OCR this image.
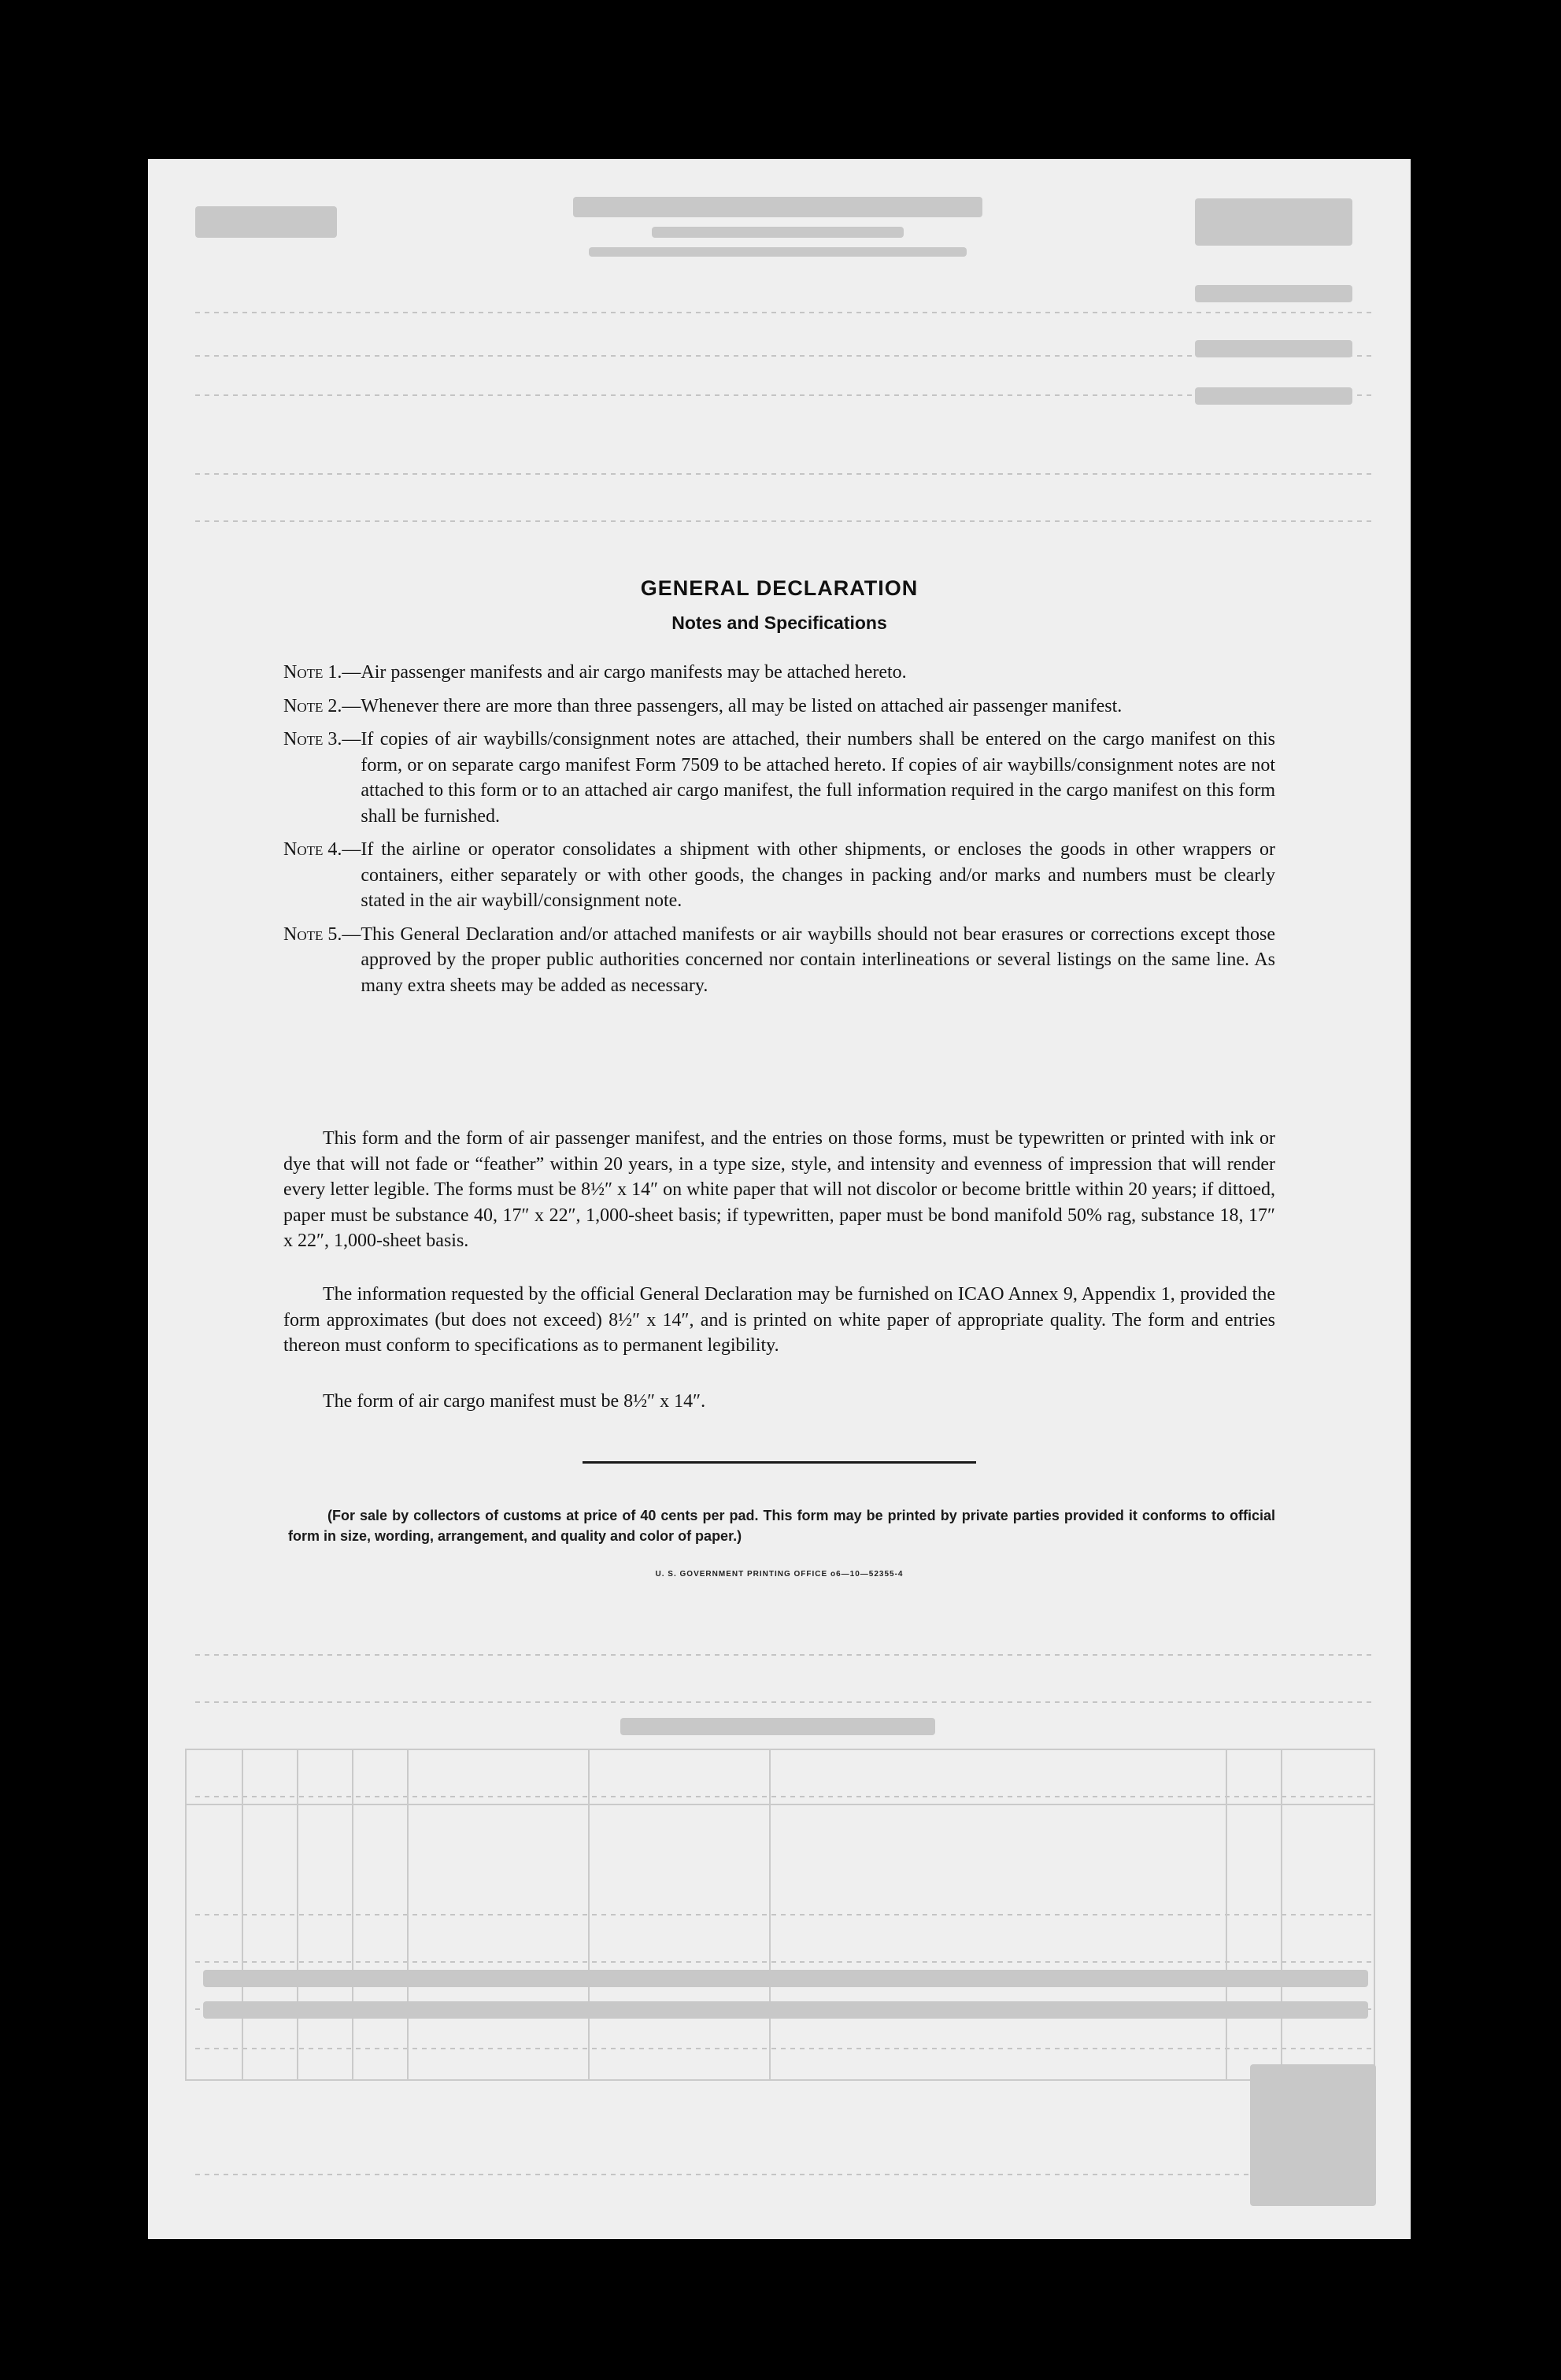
GENERAL DECLARATION
Notes and Specifications
Note 1.— Air passenger manifests and air cargo manifests may be attached hereto.
Note 2.— Whenever there are more than three passengers, all may be listed on attached air passenger manifest.
Note 3.— If copies of air waybills/consignment notes are attached, their numbers shall be entered on the cargo manifest on this form, or on separate cargo manifest Form 7509 to be attached hereto. If copies of air waybills/consignment notes are not attached to this form or to an attached air cargo manifest, the full information required in the cargo manifest on this form shall be furnished.
Note 4.— If the airline or operator consolidates a shipment with other shipments, or encloses the goods in other wrappers or containers, either separately or with other goods, the changes in packing and/or marks and numbers must be clearly stated in the air waybill/consignment note.
Note 5.— This General Declaration and/or attached manifests or air waybills should not bear erasures or corrections except those approved by the proper public authorities concerned nor contain interlineations or several listings on the same line. As many extra sheets may be added as necessary.
This form and the form of air passenger manifest, and the entries on those forms, must be typewritten or printed with ink or dye that will not fade or “feather” within 20 years, in a type size, style, and intensity and evenness of impression that will render every letter legible. The forms must be 8½″ x 14″ on white paper that will not discolor or become brittle within 20 years; if dittoed, paper must be substance 40, 17″ x 22″, 1,000-sheet basis; if typewritten, paper must be bond manifold 50% rag, substance 18, 17″ x 22″, 1,000-sheet basis.
The information requested by the official General Declaration may be furnished on ICAO Annex 9, Appendix 1, provided the form approximates (but does not exceed) 8½″ x 14″, and is printed on white paper of appropriate quality. The form and entries thereon must conform to specifications as to permanent legibility.
The form of air cargo manifest must be 8½″ x 14″.
(For sale by collectors of customs at price of 40 cents per pad. This form may be printed by private parties provided it conforms to official form in size, wording, arrangement, and quality and color of paper.)
U. S. GOVERNMENT PRINTING OFFICE o6—10—52355-4
